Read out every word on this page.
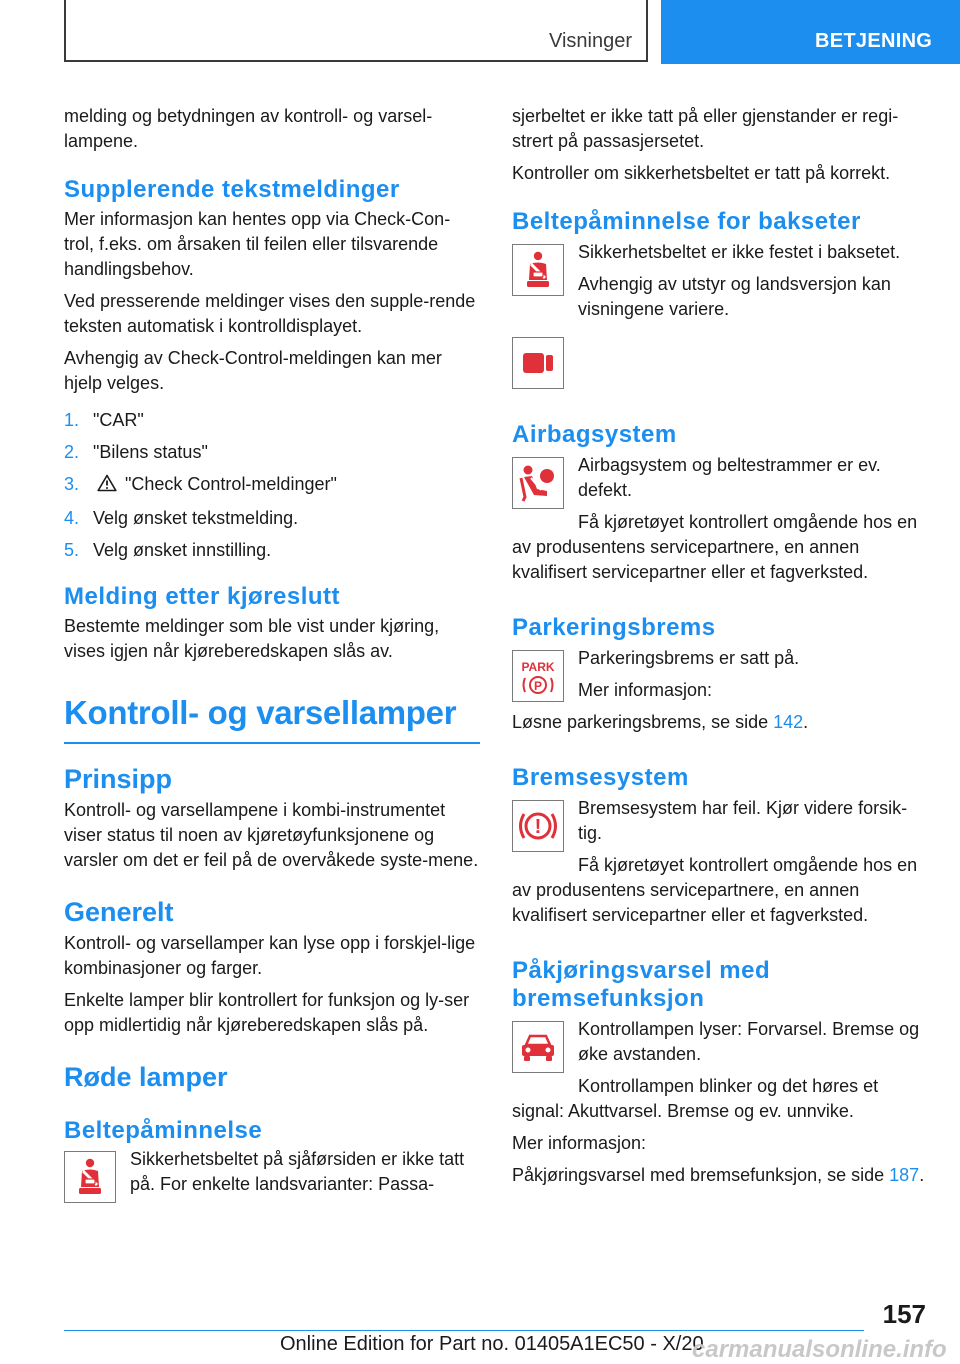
Visninger	BETJENING

melding og betydningen av kontroll- og varsel-lampene.

Supplerende tekstmeldinger

Mer informasjon kan hentes opp via Check-Con-trol, f.eks. om årsaken til feilen eller tilsvarende handlingsbehov.

Ved presserende meldinger vises den supple-rende teksten automatisk i kontrolldisplayet.

Avhengig av Check-Control-meldingen kan mer hjelp velges.

1. "CAR"
2. "Bilens status"
3.	"Check Control-meldinger"
4. Velg ønsket tekstmelding.
5. Velg ønsket innstilling.
Melding etter kjøreslutt

Bestemte meldinger som ble vist under kjøring, vises igjen når kjøreberedskapen slås av.

Kontroll- og varsellamper
Prinsipp

Kontroll- og varsellampene i kombi-instrumentet viser status til noen av kjøretøyfunksjonene og varsler om det er feil på de overvåkede syste-mene.

Generelt

Kontroll- og varsellamper kan lyse opp i forskjel-lige kombinasjoner og farger.

Enkelte lamper blir kontrollert for funksjon og ly-ser opp midlertidig når kjøreberedskapen slås på.

Røde lamper
Beltepåminnelse

Sikkerhetsbeltet på sjåførsiden er ikke tatt på. For enkelte landsvarianter: Passa-

sjerbeltet er ikke tatt på eller gjenstander er regi-strert på passasjersetet.

Kontroller om sikkerhetsbeltet er tatt på korrekt.

Beltepåminnelse for bakseter

Sikkerhetsbeltet er ikke festet i baksetet.

Avhengig av utstyr og landsversjon kan visningene variere.

Airbagsystem

Airbagsystem og beltestrammer er ev. defekt.

Få kjøretøyet kontrollert omgående hos en av produsentens servicepartnere, en annen kvalifisert servicepartner eller et fagverksted.

Parkeringsbrems
PARK
P

Parkeringsbrems er satt på.

Mer informasjon:

Løsne parkeringsbrems, se side 142.

Bremsesystem
!

Bremsesystem har feil. Kjør videre forsik-tig.

Få kjøretøyet kontrollert omgående hos en av produsentens servicepartnere, en annen kvalifisert servicepartner eller et fagverksted.

Påkjøringsvarsel med bremsefunksjon

Kontrollampen lyser: Forvarsel. Bremse og øke avstanden.

Kontrollampen blinker og det høres et signal: Akuttvarsel. Bremse og ev. unnvike.

Mer informasjon:

Påkjøringsvarsel med bremsefunksjon, se side 187.

157
Online Edition for Part no. 01405A1EC50 - X/20
carmanualsonline.info
